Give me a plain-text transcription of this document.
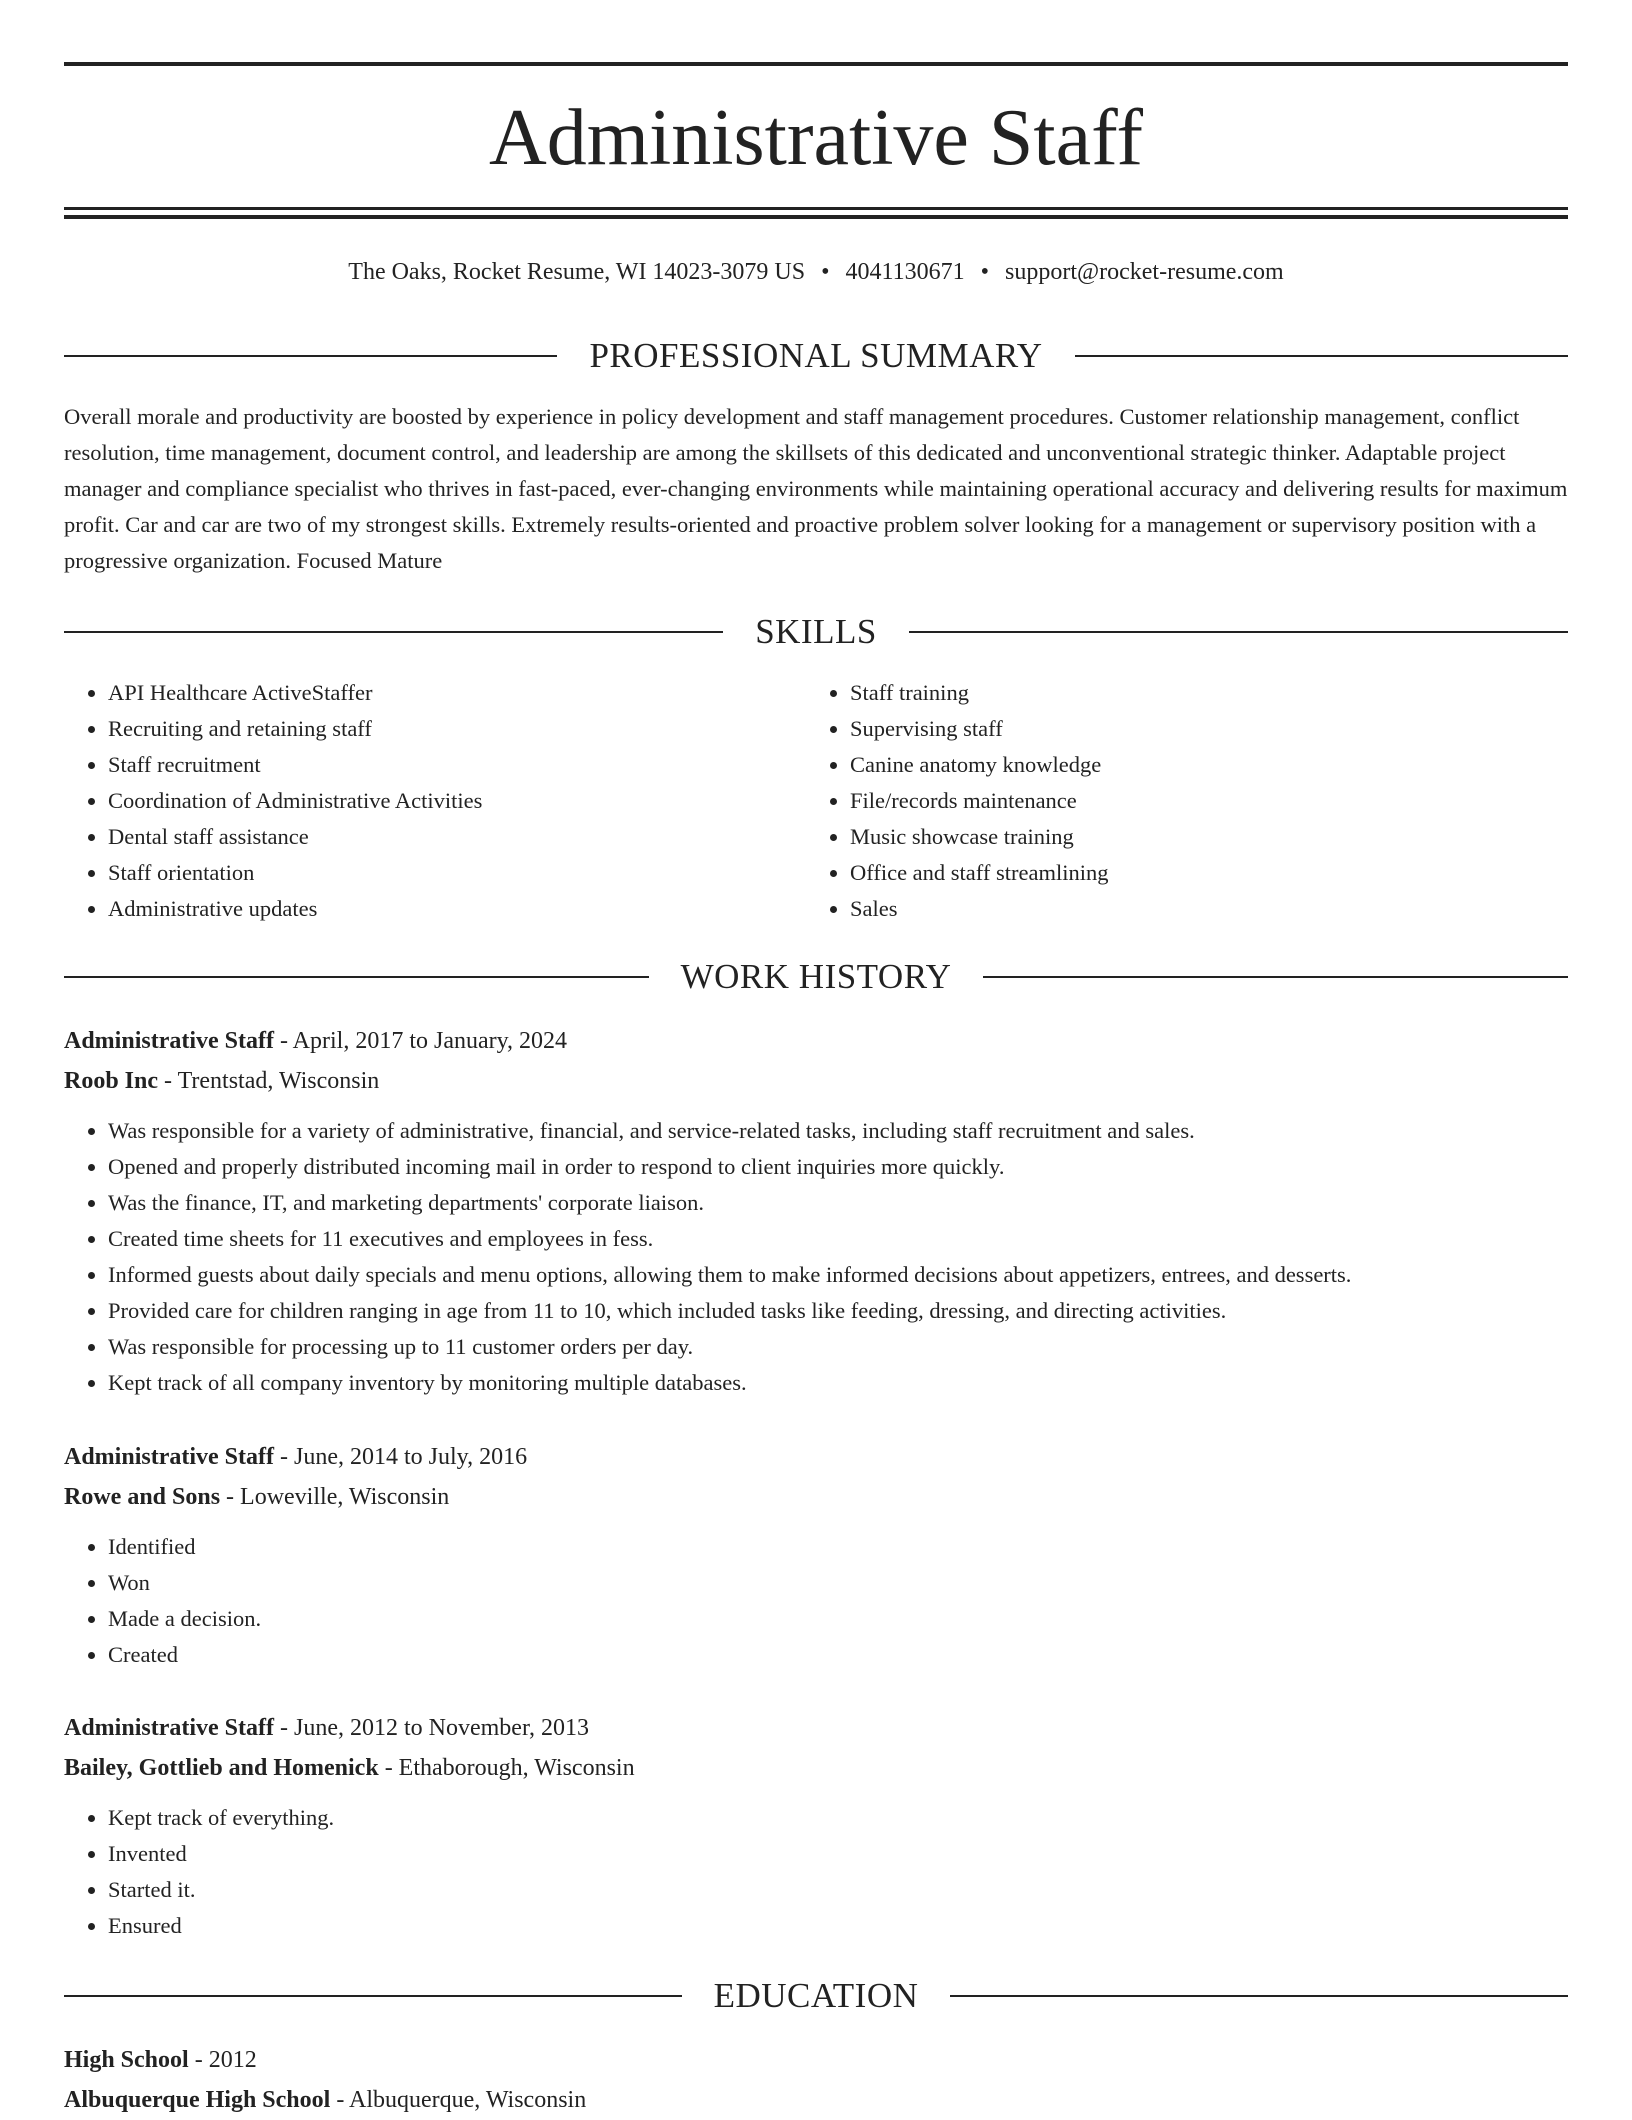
Administrative Staff
The Oaks, Rocket Resume, WI 14023-3079 US • 4041130671 • support@rocket-resume.com
PROFESSIONAL SUMMARY

Overall morale and productivity are boosted by experience in policy development and staff management procedures. Customer relationship management, conflict resolution, time management, document control, and leadership are among the skillsets of this dedicated and unconventional strategic thinker. Adaptable project manager and compliance specialist who thrives in fast-paced, ever-changing environments while maintaining operational accuracy and delivering results for maximum profit. Car and car are two of my strongest skills. Extremely results-oriented and proactive problem solver looking for a management or supervisory position with a progressive organization. Focused Mature

SKILLS
• API Healthcare ActiveStaffer
• Recruiting and retaining staff
• Staff recruitment
• Coordination of Administrative Activities
• Dental staff assistance
• Staff orientation
• Administrative updates
• Staff training
• Supervising staff
• Canine anatomy knowledge
• File/records maintenance
• Music showcase training
• Office and staff streamlining
• Sales
WORK HISTORY
Administrative Staff - April, 2017 to January, 2024
Roob Inc - Trentstad, Wisconsin
• Was responsible for a variety of administrative, financial, and service-related tasks, including staff recruitment and sales.
• Opened and properly distributed incoming mail in order to respond to client inquiries more quickly.
• Was the finance, IT, and marketing departments' corporate liaison.
• Created time sheets for 11 executives and employees in fess.
• Informed guests about daily specials and menu options, allowing them to make informed decisions about appetizers, entrees, and desserts.
• Provided care for children ranging in age from 11 to 10, which included tasks like feeding, dressing, and directing activities.
• Was responsible for processing up to 11 customer orders per day.
• Kept track of all company inventory by monitoring multiple databases.
Administrative Staff - June, 2014 to July, 2016
Rowe and Sons - Loweville, Wisconsin
• Identified
• Won
• Made a decision.
• Created
Administrative Staff - June, 2012 to November, 2013
Bailey, Gottlieb and Homenick - Ethaborough, Wisconsin
• Kept track of everything.
• Invented
• Started it.
• Ensured
EDUCATION
High School - 2012
Albuquerque High School - Albuquerque, Wisconsin
